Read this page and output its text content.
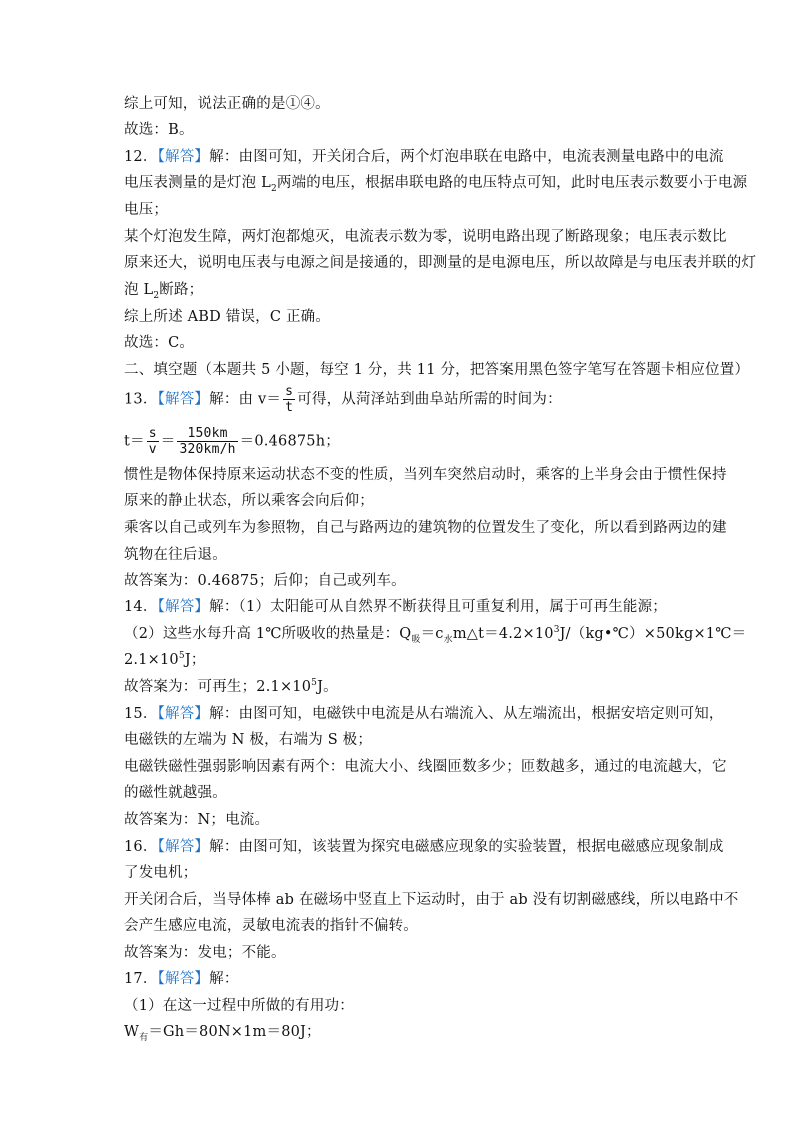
综上可知，说法正确的是①④。
故选：B。
12．【解答】解：由图可知，开关闭合后，两个灯泡串联在电路中，电流表测量电路中的电流
电压表测量的是灯泡 $L_2$两端的电压，根据串联电路的电压特点可知，此时电压表示数要小于电源
电压；
某个灯泡发生障，两灯泡都熄灭，电流表示数为零，说明电路出现了断路现象；电压表示数比
原来还大，说明电压表与电源之间是接通的，即测量的是电源电压，所以故障是与电压表并联的灯
泡 $L_2$断路；
综上所述 ABD 错误，C 正确。
故选：C。
二、填空题（本题共 5 小题，每空 1 分，共 11 分，把答案用黑色签字笔写在答题卡相应位置）
13．【解答】解：由 $v= \frac{s}{t}$ 可得，从菏泽站到曲阜站所需的时间为：
$t= \frac{s}{v} = \frac{150km}{320km/h} =0.46875h$；
惯性是物体保持原来运动状态不变的性质，当列车突然启动时，乘客的上半身会由于惯性保持
原来的静止状态，所以乘客会向后仰；
乘客以自己或列车为参照物，自己与路两边的建筑物的位置发生了变化，所以看到路两边的建
筑物在往后退。
故答案为：0.46875；后仰；自己或列车。
14．【解答】解：（1）太阳能可从自然界不断获得且可重复利用，属于可再生能源；
（2）这些水每升高 1℃所吸收的热量是：$Q_吸=c_水m\triangle t=4.2\times 10^3J/(kg•℃)\times 50kg\times 1℃=$
$2.1\times 10^5J$；
故答案为：可再生；$2.1\times 10^5J$。
15．【解答】解：由图可知，电磁铁中电流是从右端流入、从左端流出，根据安培定则可知，
电磁铁的左端为 N 极，右端为 S 极；
电磁铁磁性强弱影响因素有两个：电流大小、线圈匝数多少；匝数越多，通过的电流越大，它
的磁性就越强。
故答案为：N；电流。
16．【解答】解：由图可知，该装置为探究电磁感应现象的实验装置，根据电磁感应现象制成
了发电机；
开关闭合后，当导体棒 ab 在磁场中竖直上下运动时，由于 ab 没有切割磁感线，所以电路中不
会产生感应电流，灵敏电流表的指针不偏转。
故答案为：发电；不能。
17．【解答】解：
（1）在这一过程中所做的有用功：
$W_有=Gh=80N\times 1m=80J$；
